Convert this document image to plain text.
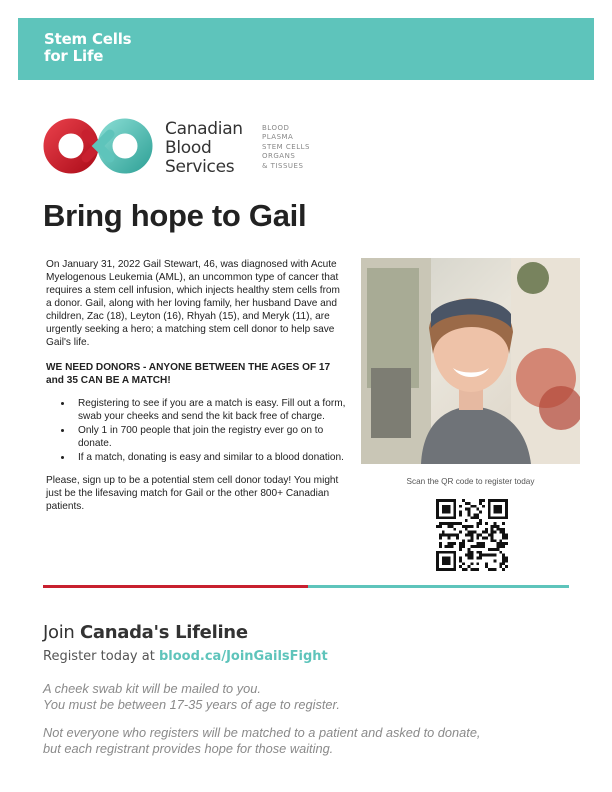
Stem Cells
for Life
Canadian
Blood
Services
BLOOD
PLASMA
STEM CELLS
ORGANS
& TISSUES
Bring hope to Gail

On January 31, 2022 Gail Stewart, 46, was diagnosed with Acute Myelogenous Leukemia (AML), an uncommon type of cancer that requires a stem cell infusion, which injects healthy stem cells from a donor. Gail, along with her loving family, her husband Dave and children, Zac (18), Leyton (16), Rhyah (15), and Meryk (11), are urgently seeking a hero; a matching stem cell donor to help save Gail's life.

WE NEED DONORS - ANYONE BETWEEN THE AGES OF 17 and 35 CAN BE A MATCH!

• Registering to see if you are a match is easy. Fill out a form, swab your cheeks and send the kit back free of charge.
• Only 1 in 700 people that join the registry ever go on to donate.
• If a match, donating is easy and similar to a blood donation.

Please, sign up to be a potential stem cell donor today! You might just be the lifesaving match for Gail or the other 800+ Canadian patients.

Scan the QR code to register today
Join Canada's Lifeline
Register today at blood.ca/JoinGailsFight
A cheek swab kit will be mailed to you.
You must be between 17-35 years of age to register.
Not everyone who registers will be matched to a patient and asked to donate,
but each registrant provides hope for those waiting.
